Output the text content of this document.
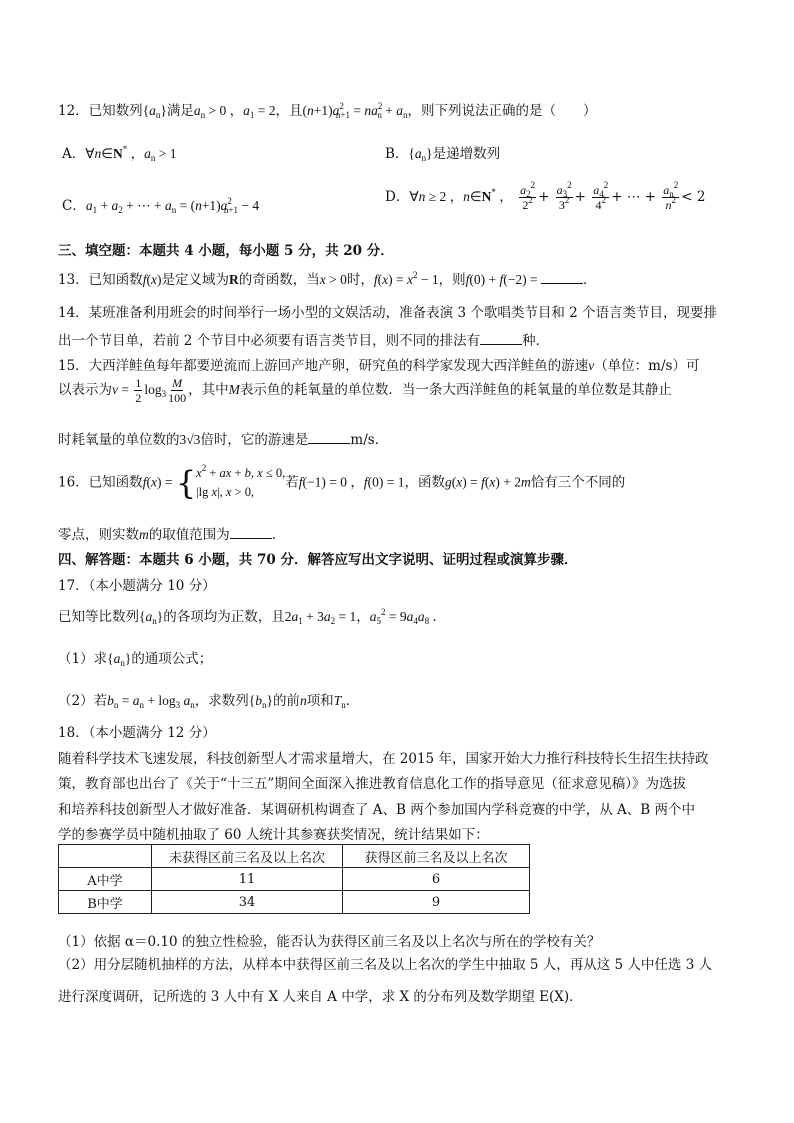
12．已知数列$\{a_n\}$满足$a_n > 0$ ，$a_1 = 2$，且$(n+1)a^2_{n+1} = na^2_n + a_n$，则下列说法正确的是（　　）
A．∀n∈N* ，$a_n > 1$	B．$\{a_n\}$是递增数列
C．$a_1 + a_2$ + ⋯ + $a_n = (n+1)a^2_{n+1} - 4$
D．∀n ≥ 2 ，n∈N* ， $\frac{a_2^2}{2^2} + \frac{a_3^2}{3^2} + \frac{a_4^2}{4^2}$ + ⋯ + $\frac{a_n^2}{n^2} < 2$
三、填空题：本题共 4 小题，每小题 5 分，共 20 分．
13．已知函数f(x)是定义域为R的奇函数，当x > 0时，$f(x) = x^2 - 1$，则f(0) + f(−2) =	．
14．某班准备利用班会的时间举行一场小型的文娱活动，准备表演 3 个歌唱类节目和 2 个语言类节目，现要排
出一个节目单，若前 2 个节目中必须要有语言类节目，则不同的排法有	种．
15．大西洋鲑鱼每年都要逆流而上游回产地产卵，研究鱼的科学家发现大西洋鲑鱼的游速v（单位：m/s）可
以表示为$v = \frac{1}{2} \log_3 \frac{M}{100}$ ，其中M表示鱼的耗氧量的单位数．当一条大西洋鲑鱼的耗氧量的单位数是其静止
时耗氧量的单位数的3√3倍时，它的游速是	m/s．
16．已知函数f(x) = { $x^2$ + ax + b, x ≤ 0,
|lg x|, x > 0,
若f(−1) = 0 ，f(0) = 1，函数g(x) = f(x) + 2m恰有三个不同的
零点，则实数m的取值范围为	．
四、解答题：本题共 6 小题，共 70 分．解答应写出文字说明、证明过程或演算步骤．
17．（本小题满分 10 分）
已知等比数列$\{a_n\}$的各项均为正数，且$2a_1 + 3a_2 = 1$，$a_5^2 = 9a_4a_8$ ．
（1）求$\{a_n\}$的通项公式；
（2）若$b_n = a_n + \log_3 a_n$，求数列$\{b_n\}$的前n项和$T_n$．
18．（本小题满分 12 分）
随着科学技术飞速发展，科技创新型人才需求量增大，在 2015 年，国家开始大力推行科技特长生招生扶持政
策，教育部也出台了《关于“十三五”期间全面深入推进教育信息化工作的指导意见（征求意见稿）》为选拔
和培养科技创新型人才做好准备．某调研机构调查了 A、B 两个参加国内学科竞赛的中学，从 A、B 两个中
学的参赛学员中随机抽取了 60 人统计其参赛获奖情况，统计结果如下：
	未获得区前三名及以上名次	获得区前三名及以上名次
A中学	11	6
B中学	34	9
（1）依据 α＝0.10 的独立性检验，能否认为获得区前三名及以上名次与所在的学校有关？
（2）用分层随机抽样的方法，从样本中获得区前三名及以上名次的学生中抽取 5 人，再从这 5 人中任选 3 人
进行深度调研，记所选的 3 人中有 X 人来自 A 中学，求 X 的分布列及数学期望 E(X)．
